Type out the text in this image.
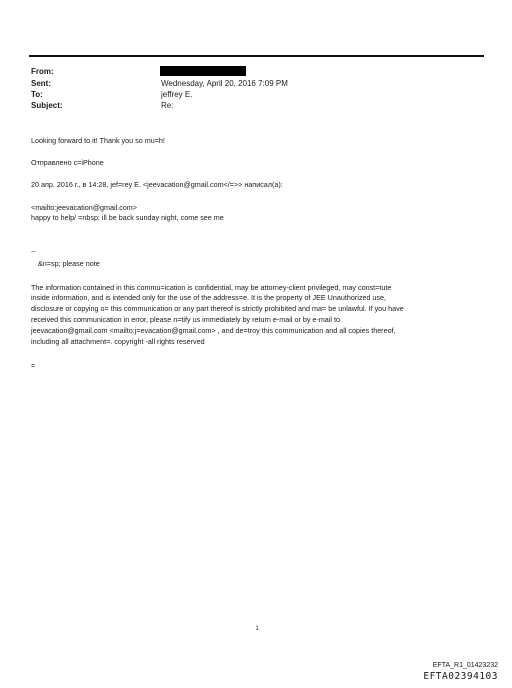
From:
Sent:	Wednesday, April 20, 2016 7:09 PM
To:	jeffrey E.
Subject:	Re:
Looking forward to it! Thank you so mu=h!
Отправлено с=iPhone
20 апр. 2016 г., в 14:28, jef=rey E. <jeevacation@gmail.com</=>> написал(а):
<mailto:jeevacation@gmail.com>
happy to help/ =nbsp; ill be back sunday night, come see me
--
&n=sp; please note
The information contained in this commu=ication is confidential, may be attorney-client privileged, may const=tute
inside information, and is intended only for the use of the address=e. It is the property of JEE Unauthorized use,
disclosure or copying o= this communication or any part thereof is strictly prohibited and ma= be unlawful. If you have
received this communication in error, please n=tify us immediately by return e-mail or by e-mail to
jeevacation@gmail.com <mailto:j=evacation@gmail.com> , and de=troy this communication and all copies thereof,
including all attachment=. copyright -all rights reserved
=
1
EFTA_R1_01423232
EFTA02394103
